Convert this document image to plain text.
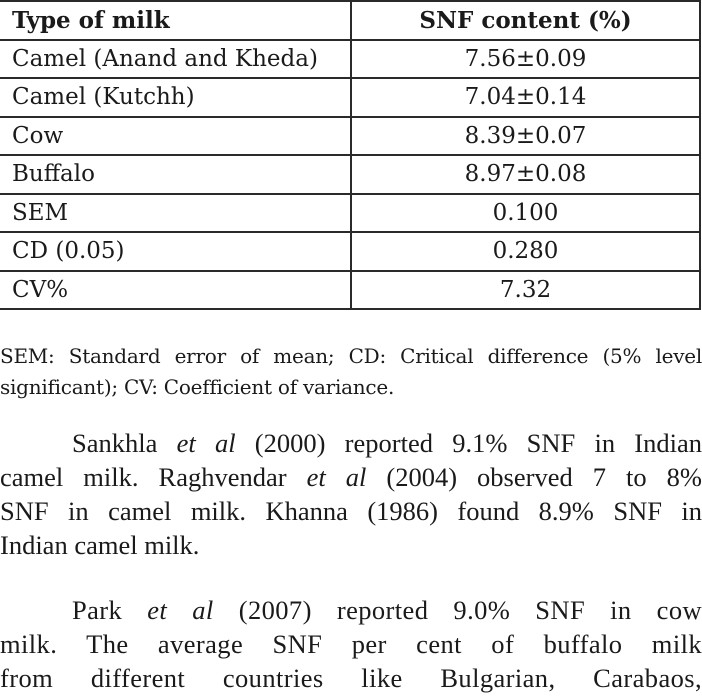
Type of milk	SNF content (%)
Camel (Anand and Kheda)	7.56±0.09
Camel (Kutchh)	7.04±0.14
Cow	8.39±0.07
Buffalo	8.97±0.08
SEM	0.100
CD (0.05)	0.280
CV%	7.32
SEM: Standard error of mean; CD: Critical difference (5% level significant); CV: Coefficient of variance.
Sankhla et al (2000) reported 9.1% SNF in Indian
camel milk. Raghvendar et al (2004) observed 7 to 8%
SNF in camel milk. Khanna (1986) found 8.9% SNF in
Indian camel milk.
Park et al (2007) reported 9.0% SNF in cow
milk. The average SNF per cent of buffalo milk
from different countries like Bulgarian, Carabaos,
